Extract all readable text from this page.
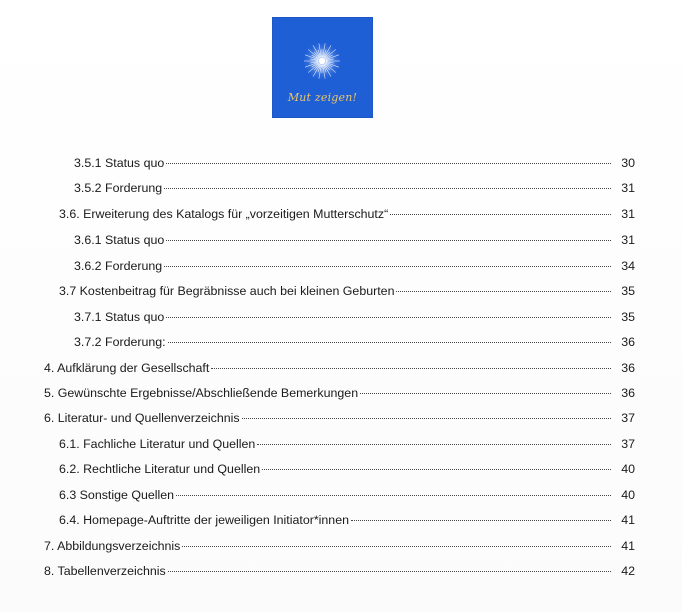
Mut zeigen!
3.5.1 Status quo	30
3.5.2 Forderung	31
3.6. Erweiterung des Katalogs für „vorzeitigen Mutterschutz“	31
3.6.1 Status quo	31
3.6.2 Forderung	34
3.7 Kostenbeitrag für Begräbnisse auch bei kleinen Geburten	35
3.7.1 Status quo	35
3.7.2 Forderung:	36
4. Aufklärung der Gesellschaft	36
5. Gewünschte Ergebnisse/Abschließende Bemerkungen	36
6. Literatur- und Quellenverzeichnis	37
6.1. Fachliche Literatur und Quellen	37
6.2. Rechtliche Literatur und Quellen	40
6.3 Sonstige Quellen	40
6.4. Homepage-Auftritte der jeweiligen Initiator*innen	41
7. Abbildungsverzeichnis	41
8. Tabellenverzeichnis	42
